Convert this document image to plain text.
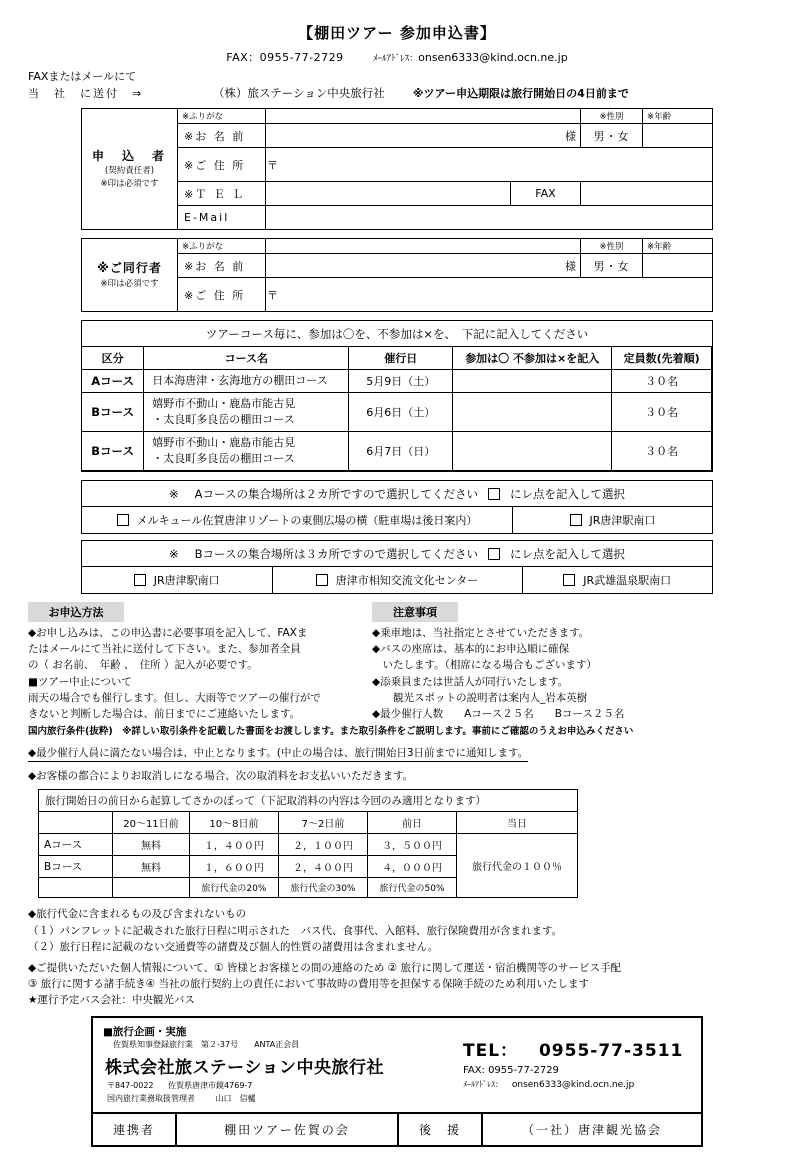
【棚田ツアー 参加申込書】
FAX：0955-77-2729	ﾒｰﾙｱﾄﾞﾚｽ：onsen6333@kind.ocn.ne.jp
FAXまたはメールにて
当　社　に送付　⇒	（株）旅ステーション中央旅行社	※ツアー申込期限は旅行開始日の4日前まで
申　込　者
(契約責任者)
※印は必須です	※ふりがな			※性別	※年齢
	※お 名 前	様		男・女	
	※ご 住 所	〒			
	※Ｔ Ｅ Ｌ		FAX		
	E-Mail				
※ご同行者
※印は必須です	※ふりがな		※性別	※年齢
	※お 名 前	様	男・女	
	※ご 住 所	〒		
ツアーコース毎に、参加は〇を、不参加は×を、　下記に記入してください
区分	コース名	催行日	参加は〇 不参加は×を記入	定員数(先着順)
Aコース	日本海唐津・玄海地方の棚田コース	5月9日（土）		３０名
Bコース	嬉野市不動山・鹿島市能古見
・太良町多良岳の棚田コース	6月6日（土）		３０名
Bコース	嬉野市不動山・鹿島市能古見
・太良町多良岳の棚田コース	6月7日（日）		３０名
※ Aコースの集合場所は２カ所ですので選択してください	にレ点を記入して選択
メルキュール佐賀唐津リゾートの東側広場の横（駐車場は後日案内）	JR唐津駅南口
※ Bコースの集合場所は３カ所ですので選択してください	にレ点を記入して選択
JR唐津駅南口	唐津市相知交流文化センター	JR武雄温泉駅南口
お申込方法

◆お申し込みは、この申込書に必要事項を記入して、FAXま

たはメールにて当社に送付して下さい。また、参加者全員

の（ お名前、　年齢 、　住所 ）記入が必要です。

■ツアー中止について

雨天の場合でも催行します。但し、大雨等でツアーの催行がで

きないと判断した場合は、前日までにご連絡いたします。

注意事項

◆乗車地は、当社指定とさせていただきます。

◆バスの座席は、基本的にお申込順に確保

　いたします。（相席になる場合もございます）

◆添乗員または世話人が同行いたします。

　　観光スポットの説明者は案内人_岩本英樹

◆最少催行人数　　Aコース２５名　　Bコース２５名

国内旅行条件(抜粋)　※詳しい取引条件を記載した書面をお渡しします。また取引条件をご説明します。事前にご確認のうえお申込みください
◆最少催行人員に満たない場合は、中止となります。(中止の場合は、旅行開始日3日前までに通知します。
◆お客様の都合によりお取消しになる場合、次の取消料をお支払いいただきます。
旅行開始日の前日から起算してさかのぼって（下記取消料の内容は今回のみ適用となります）
	20～11日前	10～8日前	7～2日前	前日	当日
Aコース	無料	１，４００円	２，１００円	３，５００円	旅行代金の１００％
Bコース	無料	１，６００円	２，４００円	４，０００円	
		旅行代金の20%	旅行代金の30%	旅行代金の50%	
◆旅行代金に含まれるもの及び含まれないもの
（１）パンフレットに記載された旅行日程に明示された　バス代、食事代、入館料、旅行保険費用が含まれます。
（２）旅行日程に記載のない交通費等の諸費及び個人的性質の諸費用は含まれません。
◆ご提供いただいた個人情報について、① 皆様とお客様との間の連絡のため ② 旅行に関して運送・宿泊機関等のサービス手配
③ 旅行に関する諸手続き④ 当社の旅行契約上の責任において事故時の費用等を担保する保険手続のため利用いたします
★運行予定バス会社：中央観光バス
■旅行企画・実施
佐賀県知事登録旅行業　第２-37号　　ANTA正会員
株式会社旅ステーション中央旅行社
〒847-0022 佐賀県唐津市鏡4769-7
国内旅行業務取扱管理者	山口　信櫨
TEL： 0955-77-3511
FAX: 0955-77-2729
ﾒｰﾙｱﾄﾞﾚｽ： onsen6333@kind.ocn.ne.jp
連携者	棚田ツアー佐賀の会	後　援	（一社）唐津観光協会
